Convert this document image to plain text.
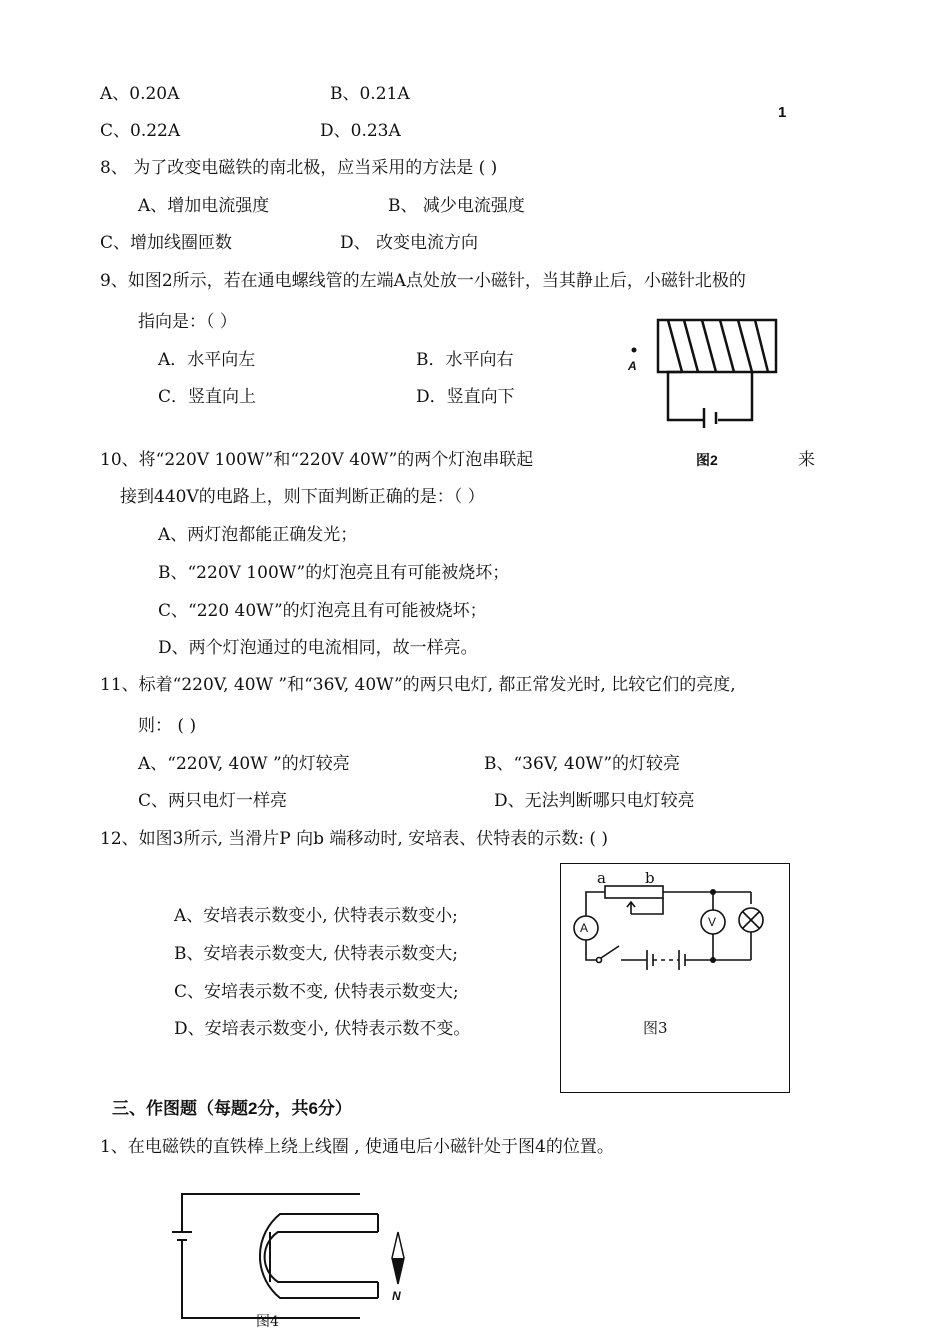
1
A、0.20A	B、0.21A
C、0.22A	D、0.23A
8、 为了改变电磁铁的南北极，应当采用的方法是 ( )
A、增加电流强度	B、 减少电流强度
C、增加线圈匝数	D、 改变电流方向
9、如图2所示，若在通电螺线管的左端A点处放一小磁针，当其静止后，小磁针北极的
指向是：（ ）
A．水平向左	B．水平向右
C．竖直向上	D．竖直向下
A
图2
10、将“220V 100W”和“220V 40W”的两个灯泡串联起	来
接到440V的电路上，则下面判断正确的是：（ ）
A、两灯泡都能正确发光；
B、“220V 100W”的灯泡亮且有可能被烧坏；
C、“220 40W”的灯泡亮且有可能被烧坏；
D、两个灯泡通过的电流相同，故一样亮。
11、标着“220V, 40W ”和“36V, 40W”的两只电灯, 都正常发光时, 比较它们的亮度,
则： ( )
A、“220V, 40W ”的灯较亮	B、“36V, 40W”的灯较亮
C、两只电灯一样亮	D、无法判断哪只电灯较亮
12、如图3所示, 当滑片P 向b 端移动时, 安培表、伏特表的示数: ( )
A、安培表示数变小, 伏特表示数变小;
B、安培表示数变大, 伏特表示数变大;
C、安培表示数不变, 伏特表示数变大;
D、安培表示数变小, 伏特表示数不变。
a	b
A	V
图3
三、作图题（每题2分，共6分）
1、在电磁铁的直铁棒上绕上线圈 , 使通电后小磁针处于图4的位置。
N
图4
